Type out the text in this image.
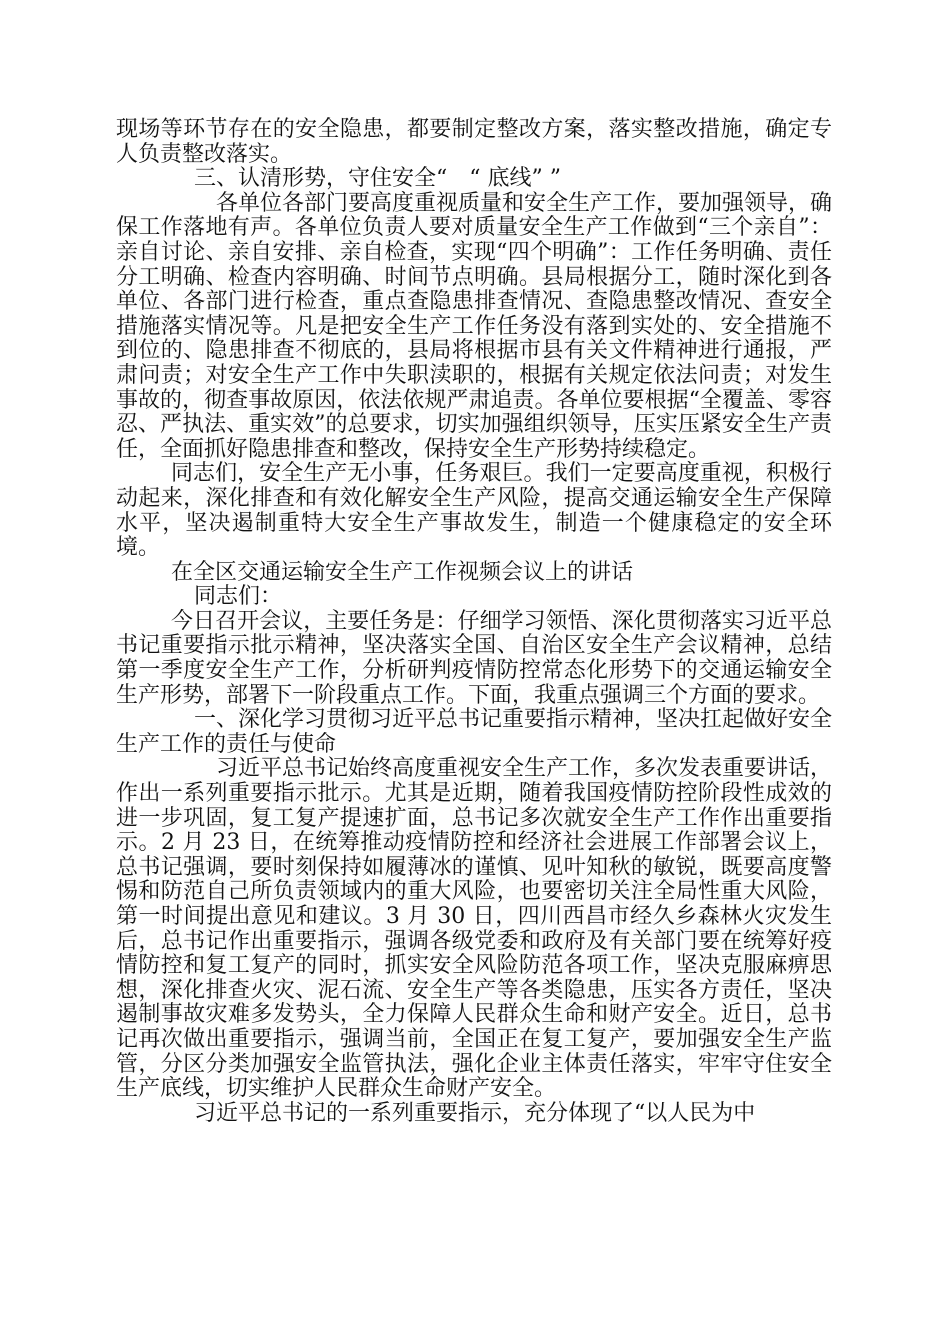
现场等环节存在的安全隐患，都要制定整改方案，落实整改措施，确定专人负责整改落实。

三、认清形势，守住安全“　“ 底线” ”

各单位各部门要高度重视质量和安全生产工作，要加强领导，确保工作落地有声。各单位负责人要对质量安全生产工作做到“三个亲自”：亲自讨论、亲自安排、亲自检查，实现“四个明确”：工作任务明确、责任分工明确、检查内容明确、时间节点明确。县局根据分工，随时深化到各单位、各部门进行检查，重点查隐患排查情况、查隐患整改情况、查安全措施落实情况等。凡是把安全生产工作任务没有落到实处的、安全措施不到位的、隐患排查不彻底的，县局将根据市县有关文件精神进行通报，严肃问责；对安全生产工作中失职渎职的，根据有关规定依法问责；对发生事故的，彻查事故原因，依法依规严肃追责。各单位要根据“全覆盖、零容忍、严执法、重实效”的总要求，切实加强组织领导，压实压紧安全生产责任，全面抓好隐患排查和整改，保持安全生产形势持续稳定。

同志们，安全生产无小事，任务艰巨。我们一定要高度重视，积极行动起来，深化排查和有效化解安全生产风险，提高交通运输安全生产保障水平，坚决遏制重特大安全生产事故发生，制造一个健康稳定的安全环境。

在全区交通运输安全生产工作视频会议上的讲话

同志们：

今日召开会议，主要任务是：仔细学习领悟、深化贯彻落实习近平总书记重要指示批示精神，坚决落实全国、自治区安全生产会议精神，总结第一季度安全生产工作，分析研判疫情防控常态化形势下的交通运输安全生产形势，部署下一阶段重点工作。下面，我重点强调三个方面的要求。

一、深化学习贯彻习近平总书记重要指示精神，坚决扛起做好安全生产工作的责任与使命

习近平总书记始终高度重视安全生产工作，多次发表重要讲话，作出一系列重要指示批示。尤其是近期，随着我国疫情防控阶段性成效的进一步巩固，复工复产提速扩面，总书记多次就安全生产工作作出重要指示。2 月 23 日，在统筹推动疫情防控和经济社会进展工作部署会议上，总书记强调，要时刻保持如履薄冰的谨慎、见叶知秋的敏锐，既要高度警惕和防范自己所负责领域内的重大风险，也要密切关注全局性重大风险，第一时间提出意见和建议。3 月 30 日，四川西昌市经久乡森林火灾发生后，总书记作出重要指示，强调各级党委和政府及有关部门要在统筹好疫情防控和复工复产的同时，抓实安全风险防范各项工作，坚决克服麻痹思想，深化排查火灾、泥石流、安全生产等各类隐患，压实各方责任，坚决遏制事故灾难多发势头，全力保障人民群众生命和财产安全。近日，总书记再次做出重要指示，强调当前，全国正在复工复产，要加强安全生产监管，分区分类加强安全监管执法，强化企业主体责任落实，牢牢守住安全生产底线，切实维护人民群众生命财产安全。

习近平总书记的一系列重要指示，充分体现了“以人民为中
